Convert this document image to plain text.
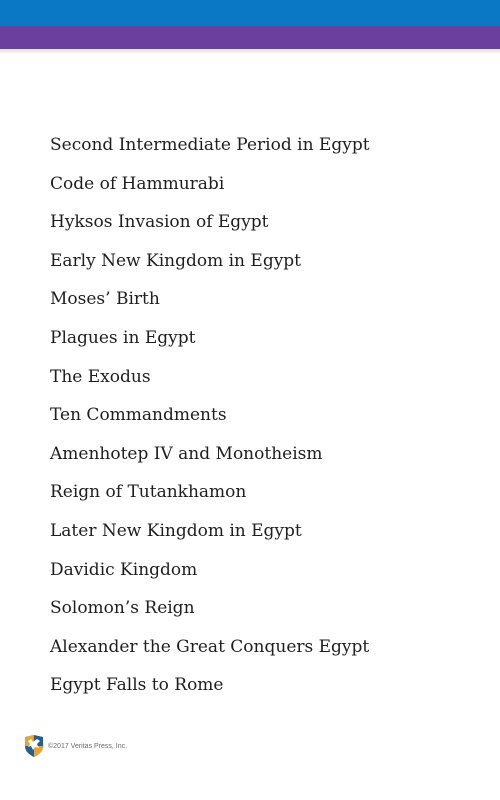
Second Intermediate Period in Egypt
Code of Hammurabi
Hyksos Invasion of Egypt
Early New Kingdom in Egypt
Moses’ Birth
Plagues in Egypt
The Exodus
Ten Commandments
Amenhotep IV and Monotheism
Reign of Tutankhamon
Later New Kingdom in Egypt
Davidic Kingdom
Solomon’s Reign
Alexander the Great Conquers Egypt
Egypt Falls to Rome
©2017 Veritas Press, Inc.
